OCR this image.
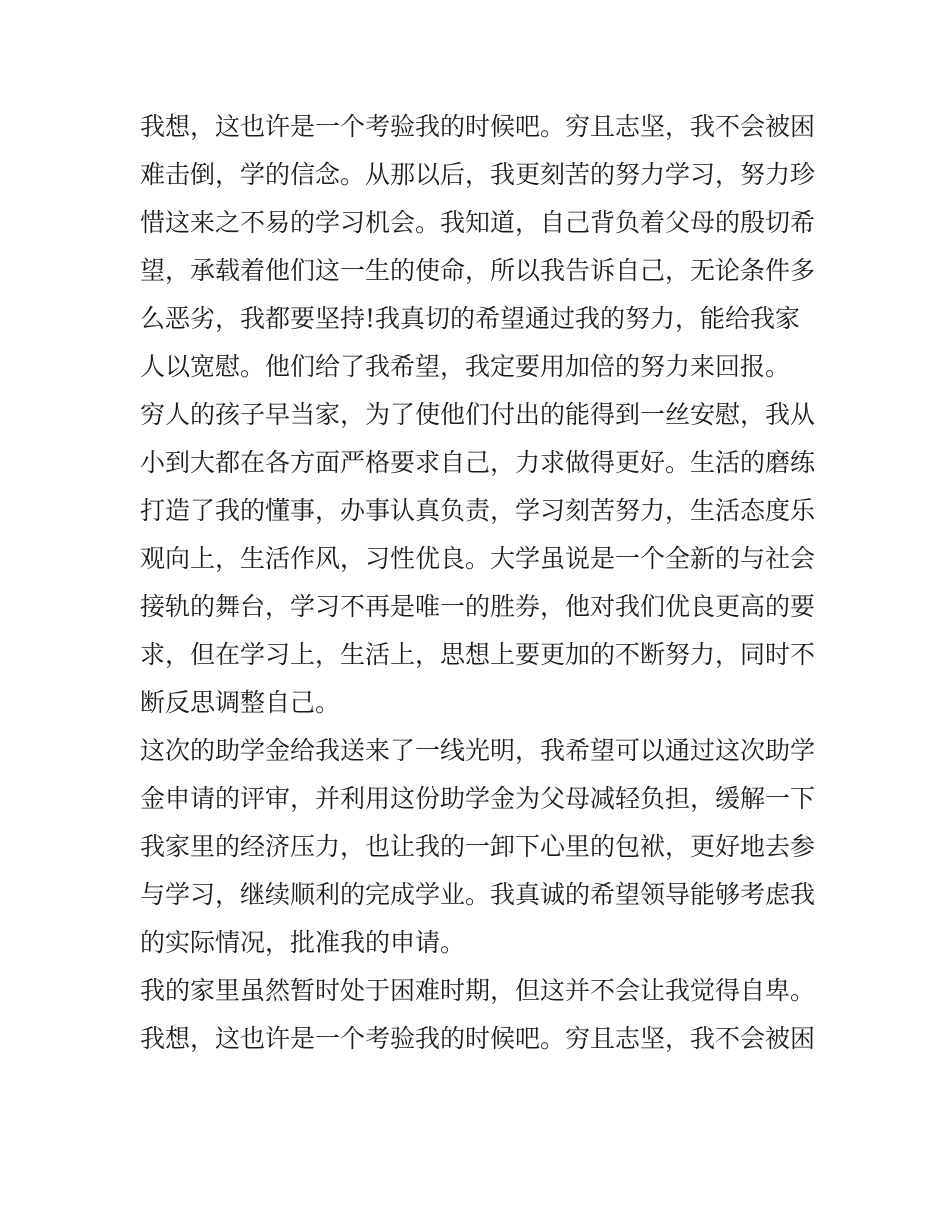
我想，这也许是一个考验我的时候吧。穷且志坚，我不会被困
难击倒，学的信念。从那以后，我更刻苦的努力学习，努力珍
惜这来之不易的学习机会。我知道，自己背负着父母的殷切希
望，承载着他们这一生的使命，所以我告诉自己，无论条件多
么恶劣，我都要坚持!我真切的希望通过我的努力，能给我家
人以宽慰。他们给了我希望，我定要用加倍的努力来回报。
穷人的孩子早当家，为了使他们付出的能得到一丝安慰，我从
小到大都在各方面严格要求自己，力求做得更好。生活的磨练
打造了我的懂事，办事认真负责，学习刻苦努力，生活态度乐
观向上，生活作风，习性优良。大学虽说是一个全新的与社会
接轨的舞台，学习不再是唯一的胜券，他对我们优良更高的要
求，但在学习上，生活上，思想上要更加的不断努力，同时不
断反思调整自己。
这次的助学金给我送来了一线光明，我希望可以通过这次助学
金申请的评审，并利用这份助学金为父母减轻负担，缓解一下
我家里的经济压力，也让我的一卸下心里的包袱，更好地去参
与学习，继续顺利的完成学业。我真诚的希望领导能够考虑我
的实际情况，批准我的申请。
我的家里虽然暂时处于困难时期，但这并不会让我觉得自卑。
我想，这也许是一个考验我的时候吧。穷且志坚，我不会被困
